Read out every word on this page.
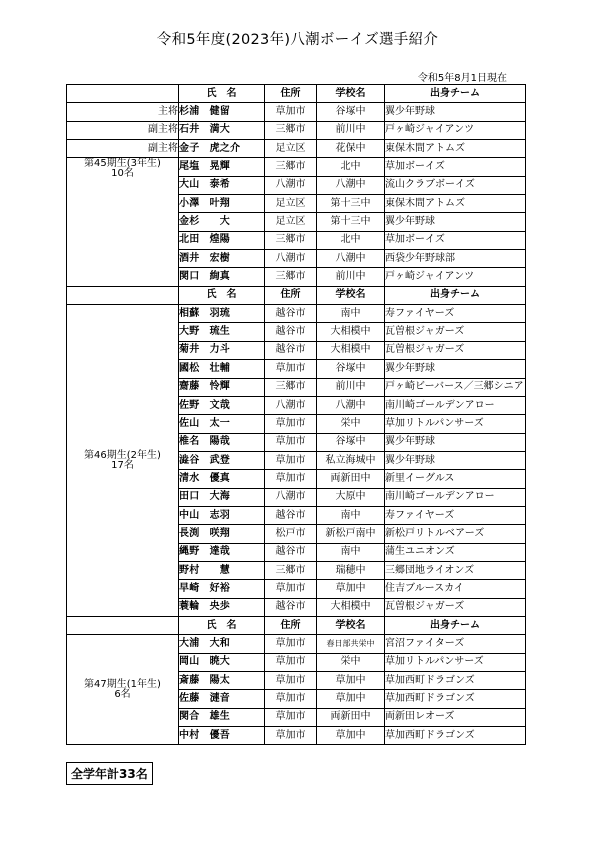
令和5年度(2023年)八潮ボーイズ選手紹介
令和5年8月1日現在
	氏　名	住所	学校名	出身チーム
主将	杉浦　健留	草加市	谷塚中	翼少年野球
副主将	石井　満大	三郷市	前川中	戸ヶ崎ジャイアンツ
副主将	金子　虎之介	足立区	花保中	東保木間アトムズ

第45期生(3年生)
10名	尾塩　晃輝	三郷市	北中	草加ボーイズ
	大山　泰希	八潮市	八潮中	流山クラブボーイズ
	小澤　叶翔	足立区	第十三中	東保木間アトムズ
	金杉　　大	足立区	第十三中	翼少年野球
	北田　煌陽	三郷市	北中	草加ボーイズ
	酒井　宏樹	八潮市	八潮中	西袋少年野球部
	関口　絢真	三郷市	前川中	戸ヶ崎ジャイアンツ
	氏　名	住所	学校名	出身チーム

第46期生(2年生)
17名	相蘇　羽琉	越谷市	南中	寿ファイヤーズ
	大野　琉生	越谷市	大相模中	瓦曽根ジャガーズ
	菊井　力斗	越谷市	大相模中	瓦曽根ジャガーズ
	國松　壮輔	草加市	谷塚中	翼少年野球
	齋藤　怜輝	三郷市	前川中	戸ヶ崎ビーバース／三郷シニア
	佐野　文哉	八潮市	八潮中	南川崎ゴールデンアロー
	佐山　太一	草加市	栄中	草加リトルパンサーズ
	椎名　陽哉	草加市	谷塚中	翼少年野球
	澁谷　武登	草加市	私立海城中	翼少年野球
	清水　優真	草加市	両新田中	新里イーグルス
	田口　大海	八潮市	大原中	南川崎ゴールデンアロー
	中山　志羽	越谷市	南中	寿ファイヤーズ
	長渕　咲翔	松戸市	新松戸南中	新松戸リトルベアーズ
	縄野　達哉	越谷市	南中	蒲生ユニオンズ
	野村　　慧	三郷市	瑞穂中	三郷団地ライオンズ
	早崎　好裕	草加市	草加中	住吉ブルースカイ
	蓑輪　央歩	越谷市	大相模中	瓦曽根ジャガーズ
	氏　名	住所	学校名	出身チーム

第47期生(1年生)
6名	大浦　大和	草加市	春日部共栄中	宮沼ファイターズ
	岡山　暁大	草加市	栄中	草加リトルパンサーズ
	斎藤　陽太	草加市	草加中	草加西町ドラゴンズ
	佐藤　漣音	草加市	草加中	草加西町ドラゴンズ
	関合　雄生	草加市	両新田中	両新田レオーズ
	中村　優吾	草加市	草加中	草加西町ドラゴンズ
全学年計33名
